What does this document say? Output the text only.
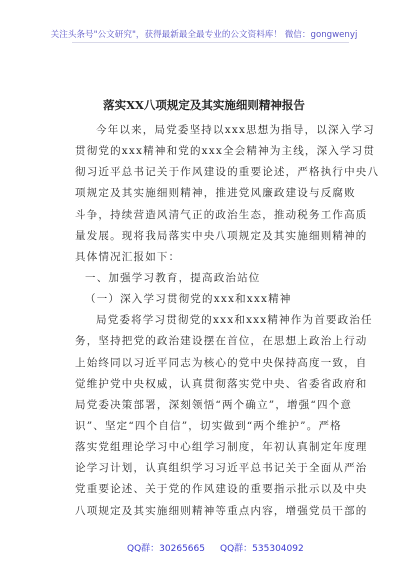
关注头条号"公文研究"，获得最新最全最专业的公文资料库！ 微信：gongwenyj
落实XX八项规定及其实施细则精神报告
今年以来，局党委坚持以xxx思想为指导，以深入学习
贯彻党的xxx精神和党的xxx全会精神为主线，深入学习贯
彻习近平总书记关于作风建设的重要论述，严格执行中央八
项规定及其实施细则精神，推进党风廉政建设与反腐败
斗争，持续营造风清气正的政治生态，推动税务工作高质
量发展。现将我局落实中央八项规定及其实施细则精神的
具体情况汇报如下：
一、加强学习教育，提高政治站位
（一）深入学习贯彻党的xxx和xxx精神
局党委将学习贯彻党的xxx和xxx精神作为首要政治任
务，坚持把党的政治建设摆在首位，在思想上政治上行动
上始终同以习近平同志为核心的党中央保持高度一致，自
觉维护党中央权威，认真贯彻落实党中央、省委省政府和
局党委决策部署，深刻领悟“两个确立”，增强“四个意
识”、坚定“四个自信”，切实做到“两个维护”。严格
落实党组理论学习中心组学习制度，年初认真制定年度理
论学习计划，认真组织学习习近平总书记关于全面从严治
党重要论述、关于党的作风建设的重要指示批示以及中央
八项规定及其实施细则精神等重点内容，增强党员干部的
QQ群：30265665 QQ群：535304092
